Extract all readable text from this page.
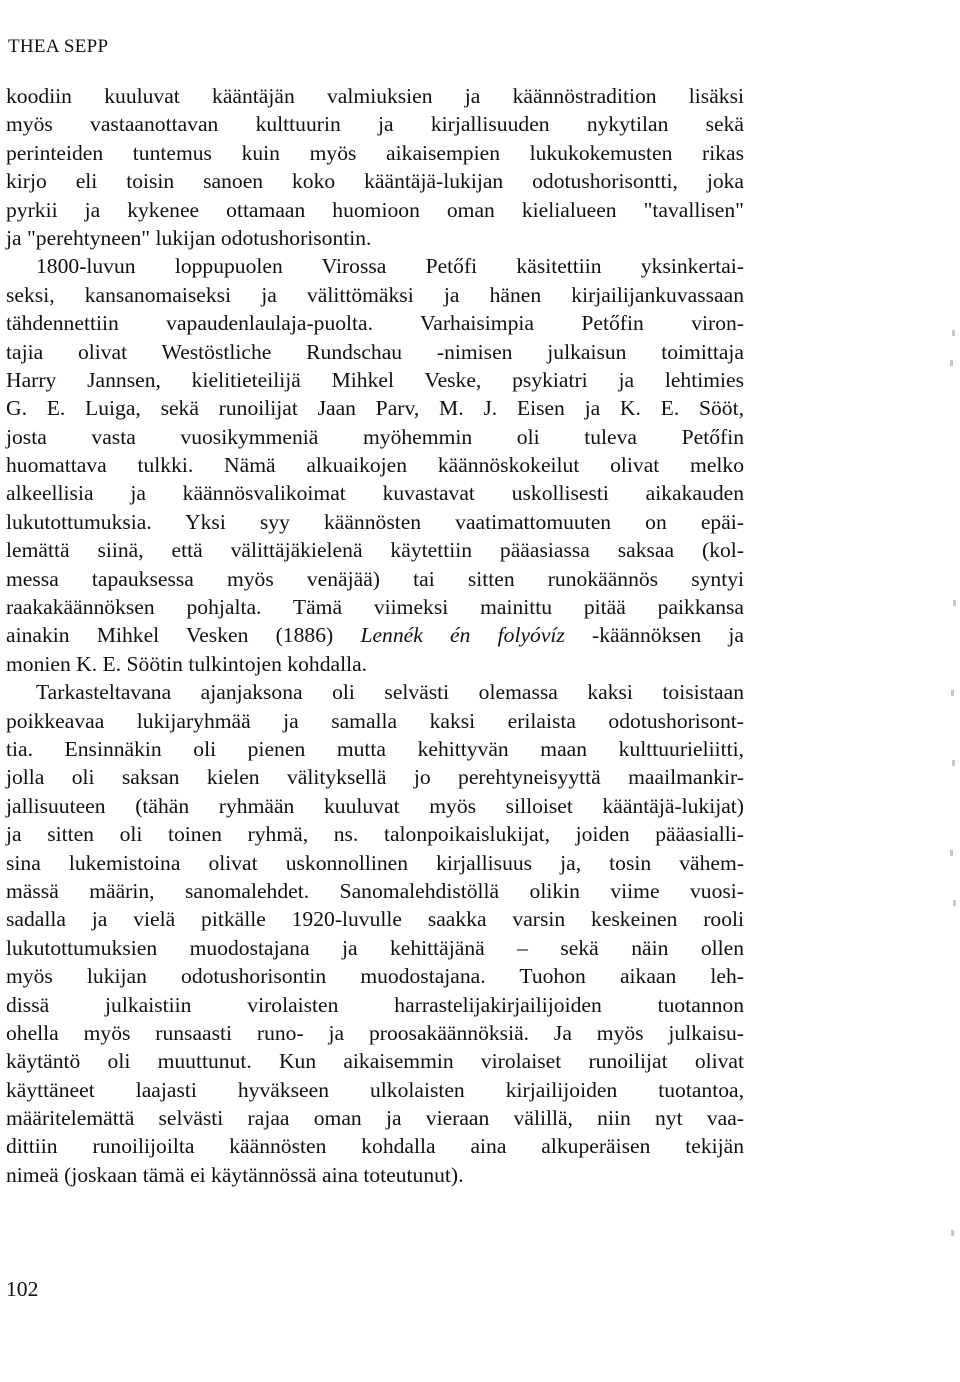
THEA SEPP
koodiin kuuluvat kääntäjän valmiuksien ja käännöstradition lisäksi
myös vastaanottavan kulttuurin ja kirjallisuuden nykytilan sekä
perinteiden tuntemus kuin myös aikaisempien lukukokemusten rikas
kirjo eli toisin sanoen koko kääntäjä-lukijan odotushorisontti, joka
pyrkii ja kykenee ottamaan huomioon oman kielialueen "tavallisen"
ja "perehtyneen" lukijan odotushorisontin.
1800-luvun loppupuolen Virossa Petőfi käsitettiin yksinkertai-
seksi, kansanomaiseksi ja välittömäksi ja hänen kirjailijankuvassaan
tähdennettiin vapaudenlaulaja-puolta. Varhaisimpia Petőfin viron-
tajia olivat Westöstliche Rundschau -nimisen julkaisun toimittaja
Harry Jannsen, kielitieteilijä Mihkel Veske, psykiatri ja lehtimies
G. E. Luiga, sekä runoilijat Jaan Parv, M. J. Eisen ja K. E. Sööt,
josta vasta vuosikymmeniä myöhemmin oli tuleva Petőfin
huomattava tulkki. Nämä alkuaikojen käännöskokeilut olivat melko
alkeellisia ja käännösvalikoimat kuvastavat uskollisesti aikakauden
lukutottumuksia. Yksi syy käännösten vaatimattomuuten on epäi-
lemättä siinä, että välittäjäkielenä käytettiin pääasiassa saksaa (kol-
messa tapauksessa myös venäjää) tai sitten runokäännös syntyi
raakakäännöksen pohjalta. Tämä viimeksi mainittu pitää paikkansa
ainakin Mihkel Vesken (1886) Lennék én folyóvíz -käännöksen ja
monien K. E. Söötin tulkintojen kohdalla.
Tarkasteltavana ajanjaksona oli selvästi olemassa kaksi toisistaan
poikkeavaa lukijaryhmää ja samalla kaksi erilaista odotushorisont-
tia. Ensinnäkin oli pienen mutta kehittyvän maan kulttuurieliitti,
jolla oli saksan kielen välityksellä jo perehtyneisyyttä maailmankir-
jallisuuteen (tähän ryhmään kuuluvat myös silloiset kääntäjä-lukijat)
ja sitten oli toinen ryhmä, ns. talonpoikaislukijat, joiden pääasialli-
sina lukemistoina olivat uskonnollinen kirjallisuus ja, tosin vähem-
mässä määrin, sanomalehdet. Sanomalehdistöllä olikin viime vuosi-
sadalla ja vielä pitkälle 1920-luvulle saakka varsin keskeinen rooli
lukutottumuksien muodostajana ja kehittäjänä – sekä näin ollen
myös lukijan odotushorisontin muodostajana. Tuohon aikaan leh-
dissä julkaistiin virolaisten harrastelijakirjailijoiden tuotannon
ohella myös runsaasti runo- ja proosakäännöksiä. Ja myös julkaisu-
käytäntö oli muuttunut. Kun aikaisemmin virolaiset runoilijat olivat
käyttäneet laajasti hyväkseen ulkolaisten kirjailijoiden tuotantoa,
määritelemättä selvästi rajaa oman ja vieraan välillä, niin nyt vaa-
dittiin runoilijoilta käännösten kohdalla aina alkuperäisen tekijän
nimeä (joskaan tämä ei käytännössä aina toteutunut).
102
